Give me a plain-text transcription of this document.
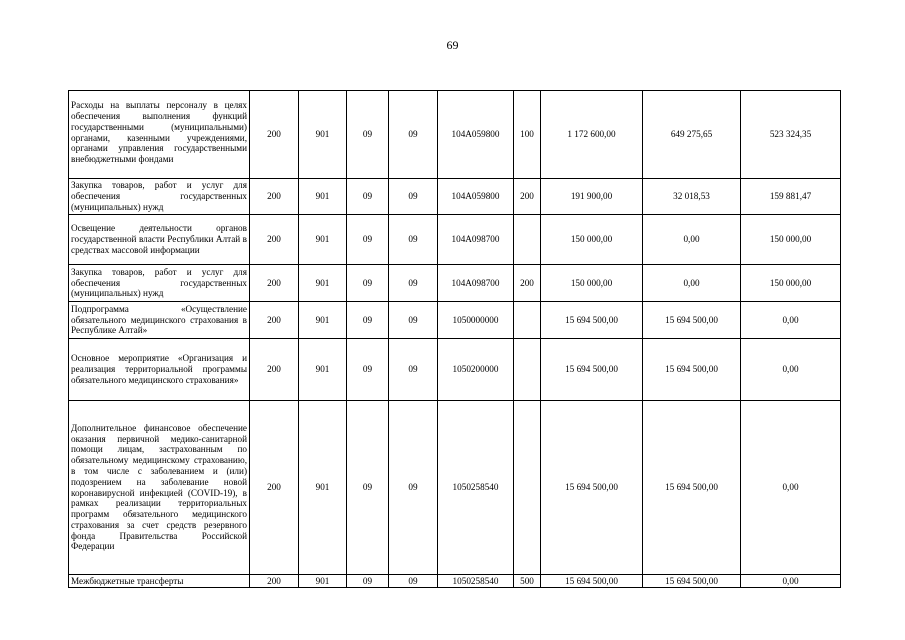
69
Расходы на выплаты персоналу в целях обеспечения выполнения функций государственными (муниципальными) органами, казенными учреждениями, органами управления государственными внебюджетными фондами	200	901	09	09	104А059800	100	1 172 600,00	649 275,65	523 324,35
Закупка товаров, работ и услуг для обеспечения государственных (муниципальных) нужд	200	901	09	09	104А059800	200	191 900,00	32 018,53	159 881,47
Освещение деятельности органов государственной власти Республики Алтай в средствах массовой информации	200	901	09	09	104А098700		150 000,00	0,00	150 000,00
Закупка товаров, работ и услуг для обеспечения государственных (муниципальных) нужд	200	901	09	09	104А098700	200	150 000,00	0,00	150 000,00
Подпрограмма «Осуществление обязательного медицинского страхования в Республике Алтай»	200	901	09	09	1050000000		15 694 500,00	15 694 500,00	0,00
Основное мероприятие «Организация и реализация территориальной программы обязательного медицинского страхования»	200	901	09	09	1050200000		15 694 500,00	15 694 500,00	0,00
Дополнительное финансовое обеспечение оказания первичной медико-санитарной помощи лицам, застрахованным по обязательному медицинскому страхованию, в том числе с заболеванием и (или) подозрением на заболевание новой коронавирусной инфекцией (COVID-19), в рамках реализации территориальных программ обязательного медицинского страхования за счет средств резервного фонда Правительства Российской Федерации	200	901	09	09	1050258540		15 694 500,00	15 694 500,00	0,00
Межбюджетные трансферты	200	901	09	09	1050258540	500	15 694 500,00	15 694 500,00	0,00
